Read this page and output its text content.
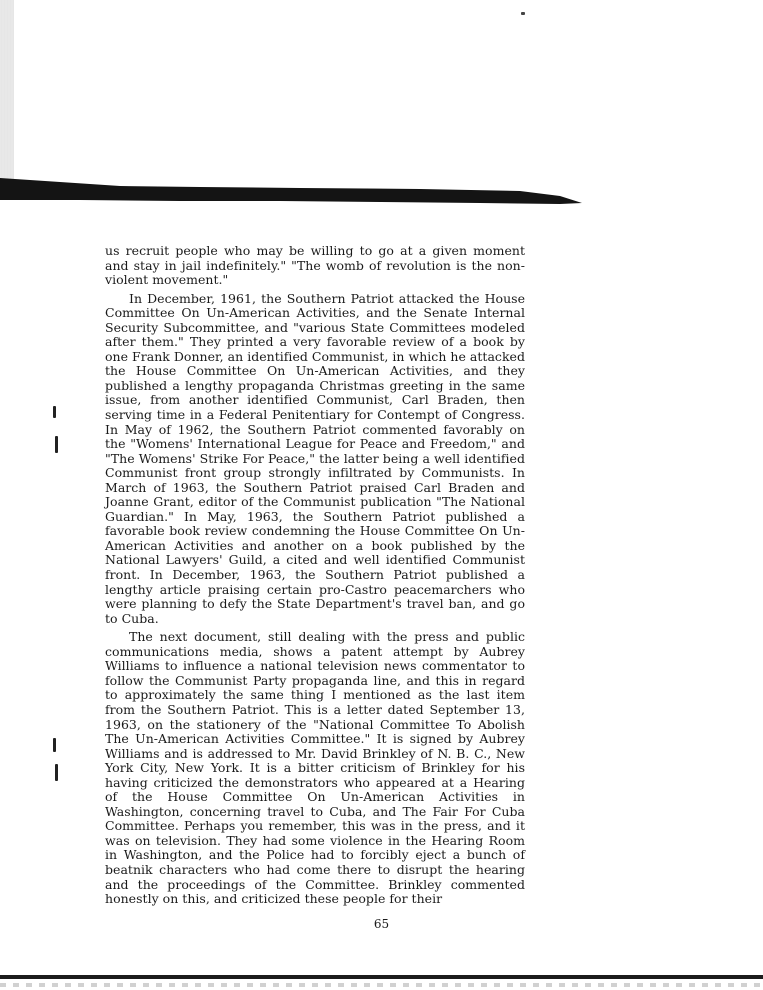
us recruit people who may be willing to go at a given moment and stay in jail indefinitely." "The womb of revolution is the non-violent movement."

In December, 1961, the Southern Patriot attacked the House Committee On Un-American Activities, and the Senate Internal Security Subcommittee, and "various State Committees modeled after them." They printed a very favorable review of a book by one Frank Donner, an identified Communist, in which he attacked the House Committee On Un-American Activities, and they published a lengthy propaganda Christmas greeting in the same issue, from another identified Communist, Carl Braden, then serving time in a Federal Penitentiary for Contempt of Congress. In May of 1962, the Southern Patriot commented favorably on the "Womens' International League for Peace and Freedom," and "The Womens' Strike For Peace," the latter being a well identified Communist front group strongly infiltrated by Communists. In March of 1963, the Southern Patriot praised Carl Braden and Joanne Grant, editor of the Communist publication "The National Guardian." In May, 1963, the Southern Patriot published a favorable book review condemning the House Committee On Un-American Activities and another on a book published by the National Lawyers' Guild, a cited and well identified Communist front. In December, 1963, the Southern Patriot published a lengthy article praising certain pro-Castro peacemarchers who were planning to defy the State Department's travel ban, and go to Cuba.

The next document, still dealing with the press and public communications media, shows a patent attempt by Aubrey Williams to influence a national television news commentator to follow the Communist Party propaganda line, and this in regard to approximately the same thing I mentioned as the last item from the Southern Patriot. This is a letter dated September 13, 1963, on the stationery of the "National Committee To Abolish The Un-American Activities Committee." It is signed by Aubrey Williams and is addressed to Mr. David Brinkley of N. B. C., New York City, New York. It is a bitter criticism of Brinkley for his having criticized the demonstrators who appeared at a Hearing of the House Committee On Un-American Activities in Washington, concerning travel to Cuba, and The Fair For Cuba Committee. Perhaps you remember, this was in the press, and it was on television. They had some violence in the Hearing Room in Washington, and the Police had to forcibly eject a bunch of beatnik characters who had come there to disrupt the hearing and the proceedings of the Committee. Brinkley commented honestly on this, and criticized these people for their

65
